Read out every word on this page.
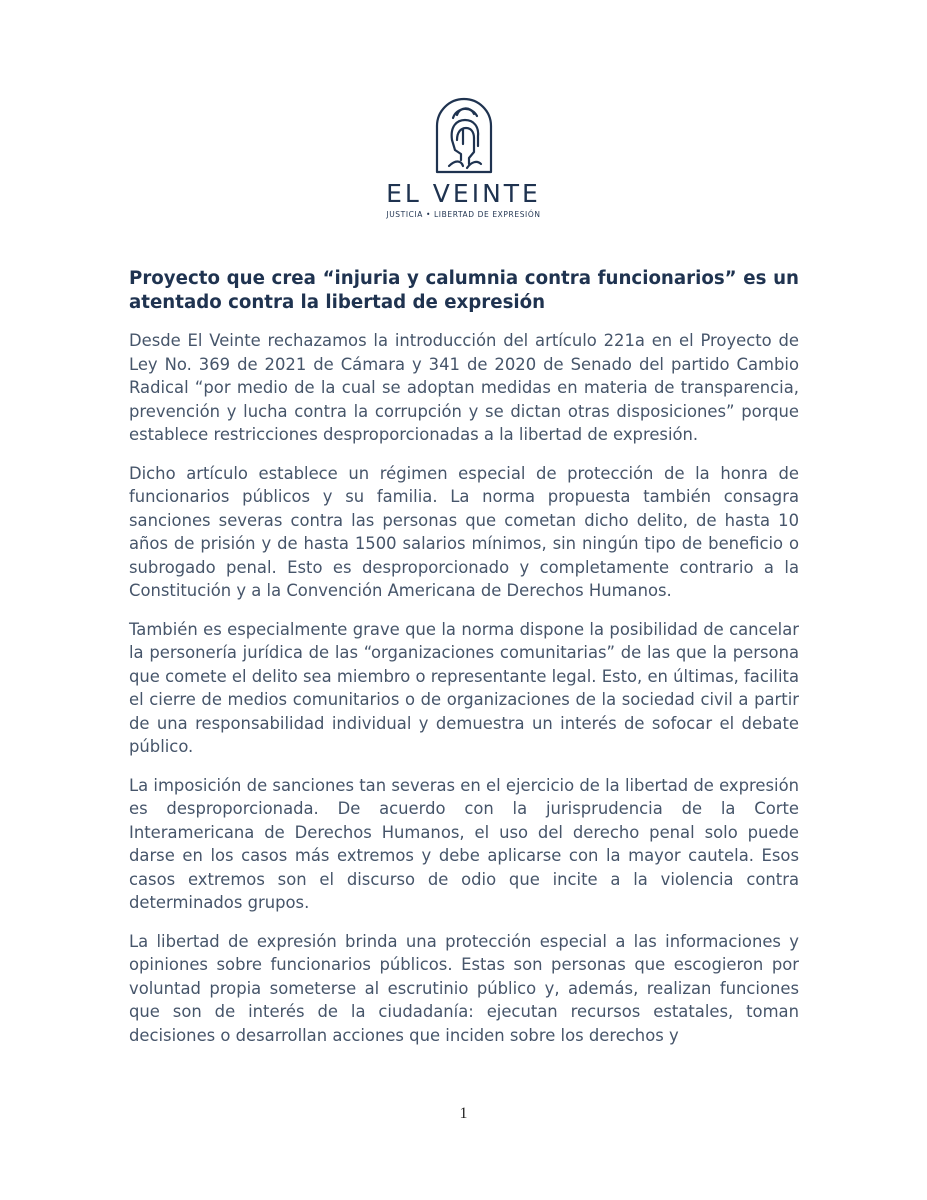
EL VEINTE
JUSTICIA • LIBERTAD DE EXPRESIÓN
Proyecto que crea “injuria y calumnia contra funcionarios” es un atentado contra la libertad de expresión

Desde El Veinte rechazamos la introducción del artículo 221a en el Proyecto de Ley No. 369 de 2021 de Cámara y 341 de 2020 de Senado del partido Cambio Radical “por medio de la cual se adoptan medidas en materia de transparencia, prevención y lucha contra la corrupción y se dictan otras disposiciones” porque establece restricciones desproporcionadas a la libertad de expresión.

Dicho artículo establece un régimen especial de protección de la honra de funcionarios públicos y su familia. La norma propuesta también consagra sanciones severas contra las personas que cometan dicho delito, de hasta 10 años de prisión y de hasta 1500 salarios mínimos, sin ningún tipo de beneficio o subrogado penal. Esto es desproporcionado y completamente contrario a la Constitución y a la Convención Americana de Derechos Humanos.

También es especialmente grave que la norma dispone la posibilidad de cancelar la personería jurídica de las “organizaciones comunitarias” de las que la persona que comete el delito sea miembro o representante legal. Esto, en últimas, facilita el cierre de medios comunitarios o de organizaciones de la sociedad civil a partir de una responsabilidad individual y demuestra un interés de sofocar el debate público.

La imposición de sanciones tan severas en el ejercicio de la libertad de expresión es desproporcionada. De acuerdo con la jurisprudencia de la Corte Interamericana de Derechos Humanos, el uso del derecho penal solo puede darse en los casos más extremos y debe aplicarse con la mayor cautela. Esos casos extremos son el discurso de odio que incite a la violencia contra determinados grupos.

La libertad de expresión brinda una protección especial a las informaciones y opiniones sobre funcionarios públicos. Estas son personas que escogieron por voluntad propia someterse al escrutinio público y, además, realizan funciones que son de interés de la ciudadanía: ejecutan recursos estatales, toman decisiones o desarrollan acciones que inciden sobre los derechos y

1
